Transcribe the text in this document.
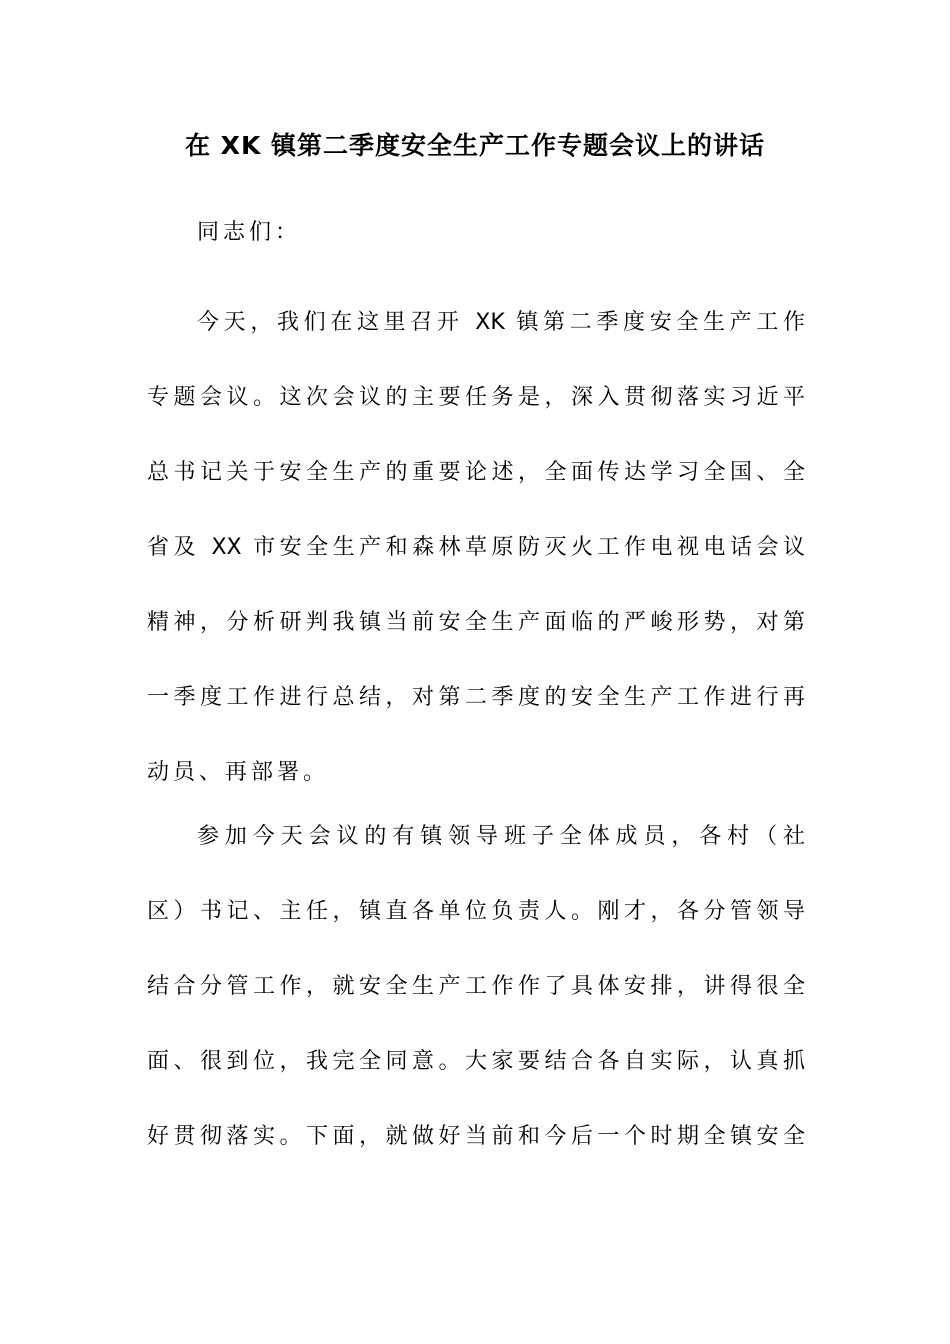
在 XK 镇第二季度安全生产工作专题会议上的讲话
同志们：
今天，我们在这里召开 XK 镇第二季度安全生产工作
专题会议。这次会议的主要任务是，深入贯彻落实习近平
总书记关于安全生产的重要论述，全面传达学习全国、全
省及 XX 市安全生产和森林草原防灭火工作电视电话会议
精神，分析研判我镇当前安全生产面临的严峻形势，对第
一季度工作进行总结，对第二季度的安全生产工作进行再
动员、再部署。
参加今天会议的有镇领导班子全体成员，各村（社
区）书记、主任，镇直各单位负责人。刚才，各分管领导
结合分管工作，就安全生产工作作了具体安排，讲得很全
面、很到位，我完全同意。大家要结合各自实际，认真抓
好贯彻落实。下面，就做好当前和今后一个时期全镇安全
